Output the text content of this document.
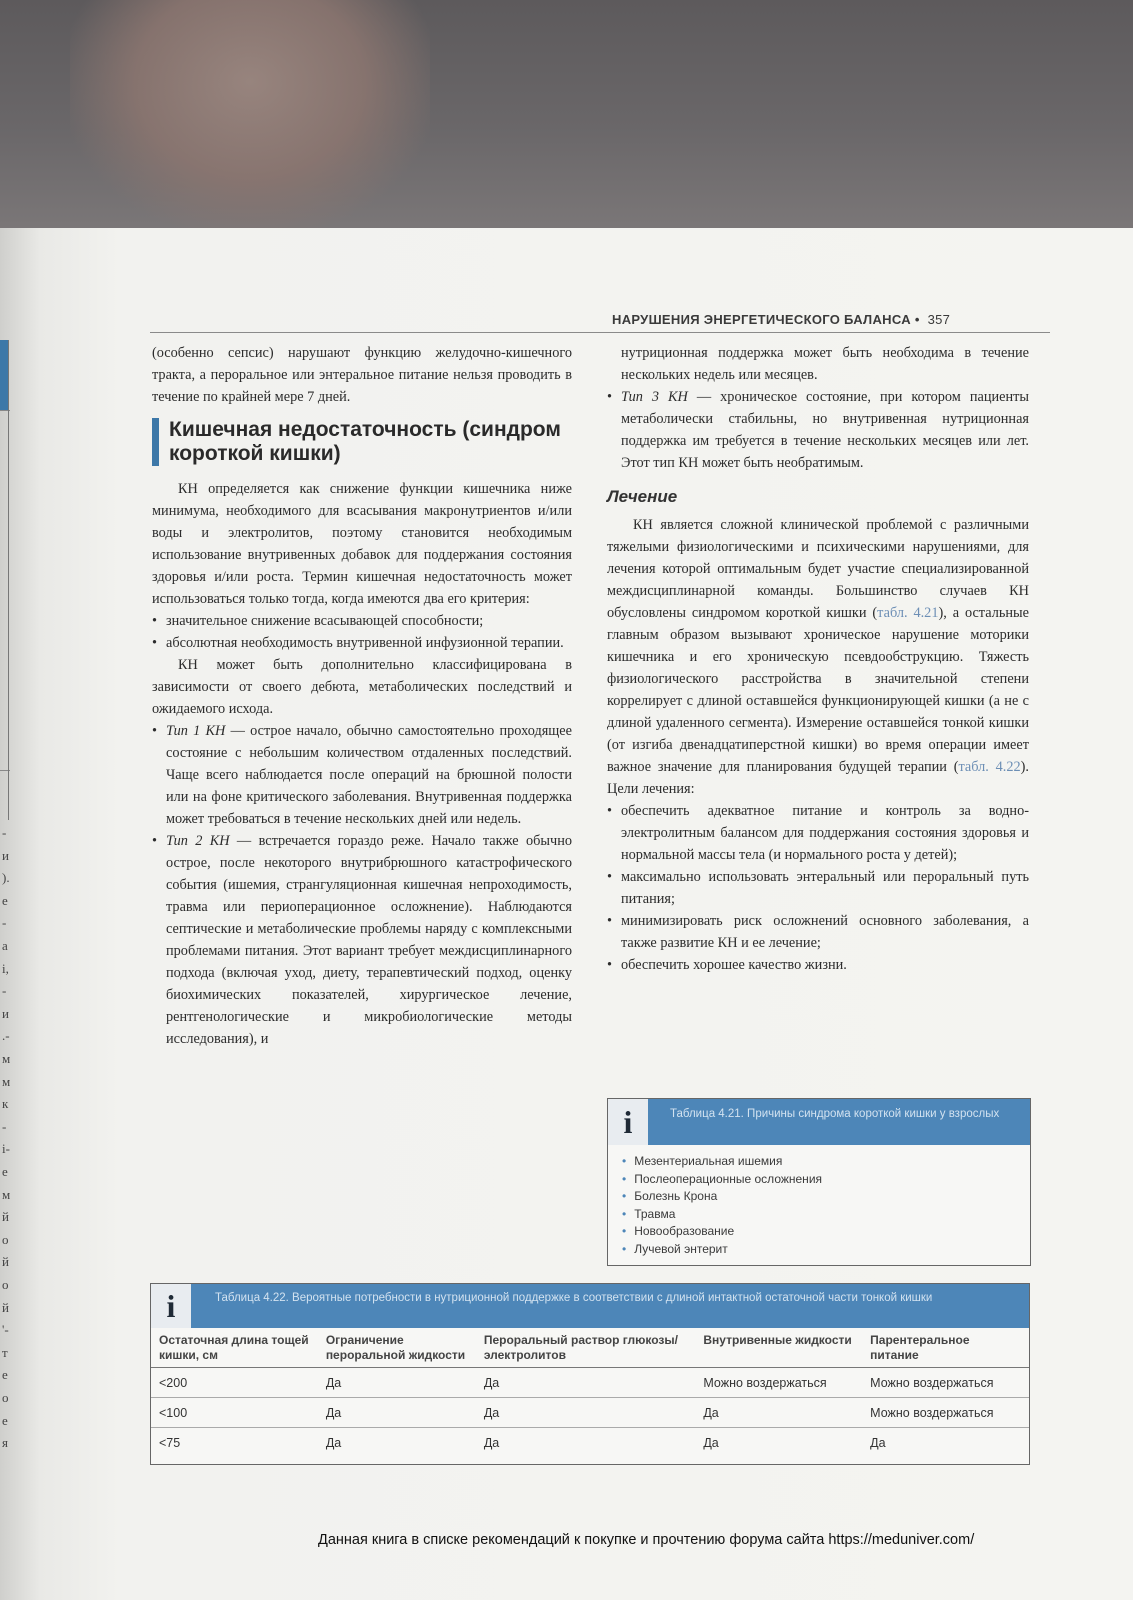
-
и
).
е
-
а
і,
-
и
.-
м
м
к
-
і-
е
м
й
о
й
о
й
'-
т
е
о
е
я
НАРУШЕНИЯ ЭНЕРГЕТИЧЕСКОГО БАЛАНСА • 357

(особенно сепсис) нарушают функцию желудочно-кишечного тракта, а пероральное или энтеральное питание нельзя проводить в течение по крайней мере 7 дней.

Кишечная недостаточность (синдром короткой кишки)

КН определяется как снижение функции кишечника ниже минимума, необходимого для всасывания макронутриентов и/или воды и электролитов, поэтому становится необходимым использование внутривенных добавок для поддержания состояния здоровья и/или роста. Термин кишечная недостаточность может использоваться только тогда, когда имеются два его критерия:

• значительное снижение всасывающей способности;
• абсолютная необходимость внутривенной инфузионной терапии.

КН может быть дополнительно классифицирована в зависимости от своего дебюта, метаболических последствий и ожидаемого исхода.

• Тип 1 КН — острое начало, обычно самостоятельно проходящее состояние с небольшим количеством отдаленных последствий. Чаще всего наблюдается после операций на брюшной полости или на фоне критического заболевания. Внутривенная поддержка может требоваться в течение нескольких дней или недель.
• Тип 2 КН — встречается гораздо реже. Начало также обычно острое, после некоторого внутрибрюшного катастрофического события (ишемия, странгуляционная кишечная непроходимость, травма или периоперационное осложнение). Наблюдаются септические и метаболические проблемы наряду с комплексными проблемами питания. Этот вариант требует междисциплинарного подхода (включая уход, диету, терапевтический подход, оценку биохимических показателей, хирургическое лечение, рентгенологические и микробиологические методы исследования), и

нутриционная поддержка может быть необходима в течение нескольких недель или месяцев.

• Тип 3 КН — хроническое состояние, при котором пациенты метаболически стабильны, но внутривенная нутриционная поддержка им требуется в течение нескольких месяцев или лет. Этот тип КН может быть необратимым.
Лечение

КН является сложной клинической проблемой с различными тяжелыми физиологическими и психическими нарушениями, для лечения которой оптимальным будет участие специализированной междисциплинарной команды. Большинство случаев КН обусловлены синдромом короткой кишки (табл. 4.21), а остальные главным образом вызывают хроническое нарушение моторики кишечника и его хроническую псевдообструкцию. Тяжесть физиологического расстройства в значительной степени коррелирует с длиной оставшейся функционирующей кишки (а не с длиной удаленного сегмента). Измерение оставшейся тонкой кишки (от изгиба двенадцатиперстной кишки) во время операции имеет важное значение для планирования будущей терапии (табл. 4.22). Цели лечения:

• обеспечить адекватное питание и контроль за водно-электролитным балансом для поддержания состояния здоровья и нормальной массы тела (и нормального роста у детей);
• максимально использовать энтеральный или пероральный путь питания;
• минимизировать риск осложнений основного заболевания, а также развитие КН и ее лечение;
• обеспечить хорошее качество жизни.
i	Таблица 4.21. Причины синдрома короткой кишки у взрослых
• Мезентериальная ишемия
• Послеоперационные осложнения
• Болезнь Крона
• Травма
• Новообразование
• Лучевой энтерит
i	Таблица 4.22. Вероятные потребности в нутриционной поддержке в соответствии с длиной интактной остаточной части тонкой кишки
Остаточная длина тощей кишки, см	Ограничение пероральной жидкости	Пероральный раствор глюкозы/электролитов	Внутривенные жидкости	Парентеральное питание
<200	Да	Да	Можно воздержаться	Можно воздержаться
<100	Да	Да	Да	Можно воздержаться
<75	Да	Да	Да	Да
Данная книга в списке рекомендаций к покупке и прочтению форума сайта https://meduniver.com/
